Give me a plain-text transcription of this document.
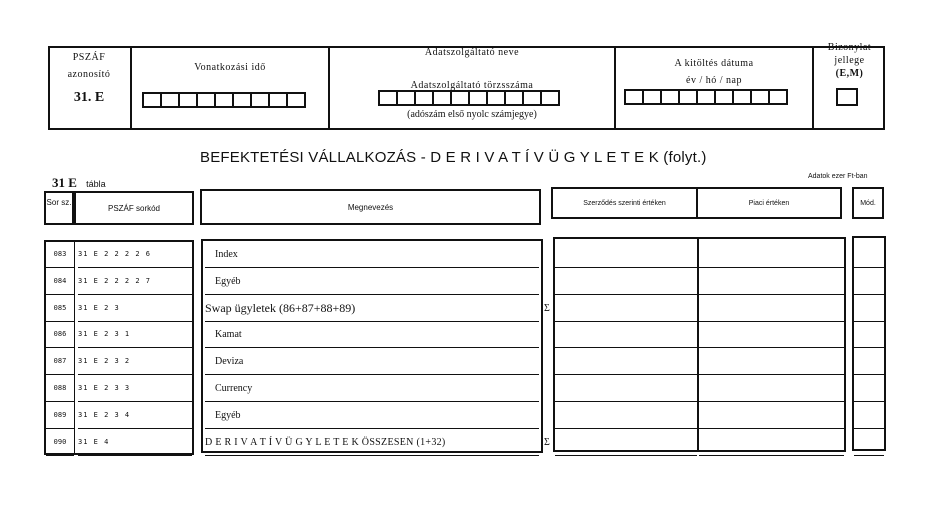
PSZÁF
azonosító
31. E
Vonatkozási idő
Adatszolgáltató neve
Adatszolgáltató törzsszáma
(adószám első nyolc számjegye)
A kitöltés dátuma
év / hó / nap
Bizonylat
jellege
(E,M)
BEFEKTETÉSI VÁLLALKOZÁS - D E R I V A T Í V Ü G Y L E T E K (folyt.)
31 E tábla
Adatok ezer Ft-ban
Sor sz.
PSZÁF sorkód	Megnevezés	Szerződés szerinti értéken	Piaci értéken	Mód.
083	31 E 2 2 2 2 6	Index
084	31 E 2 2 2 2 7	Egyéb
085	31 E 2 3	Swap ügyletek (86+87+88+89)	Σ
086	31 E 2 3 1	Kamat
087	31 E 2 3 2	Deviza
088	31 E 2 3 3	Currency
089	31 E 2 3 4	Egyéb
090	31 E 4	D E R I V A T Í V Ü G Y L E T E K ÖSSZESEN (1+32)	Σ
